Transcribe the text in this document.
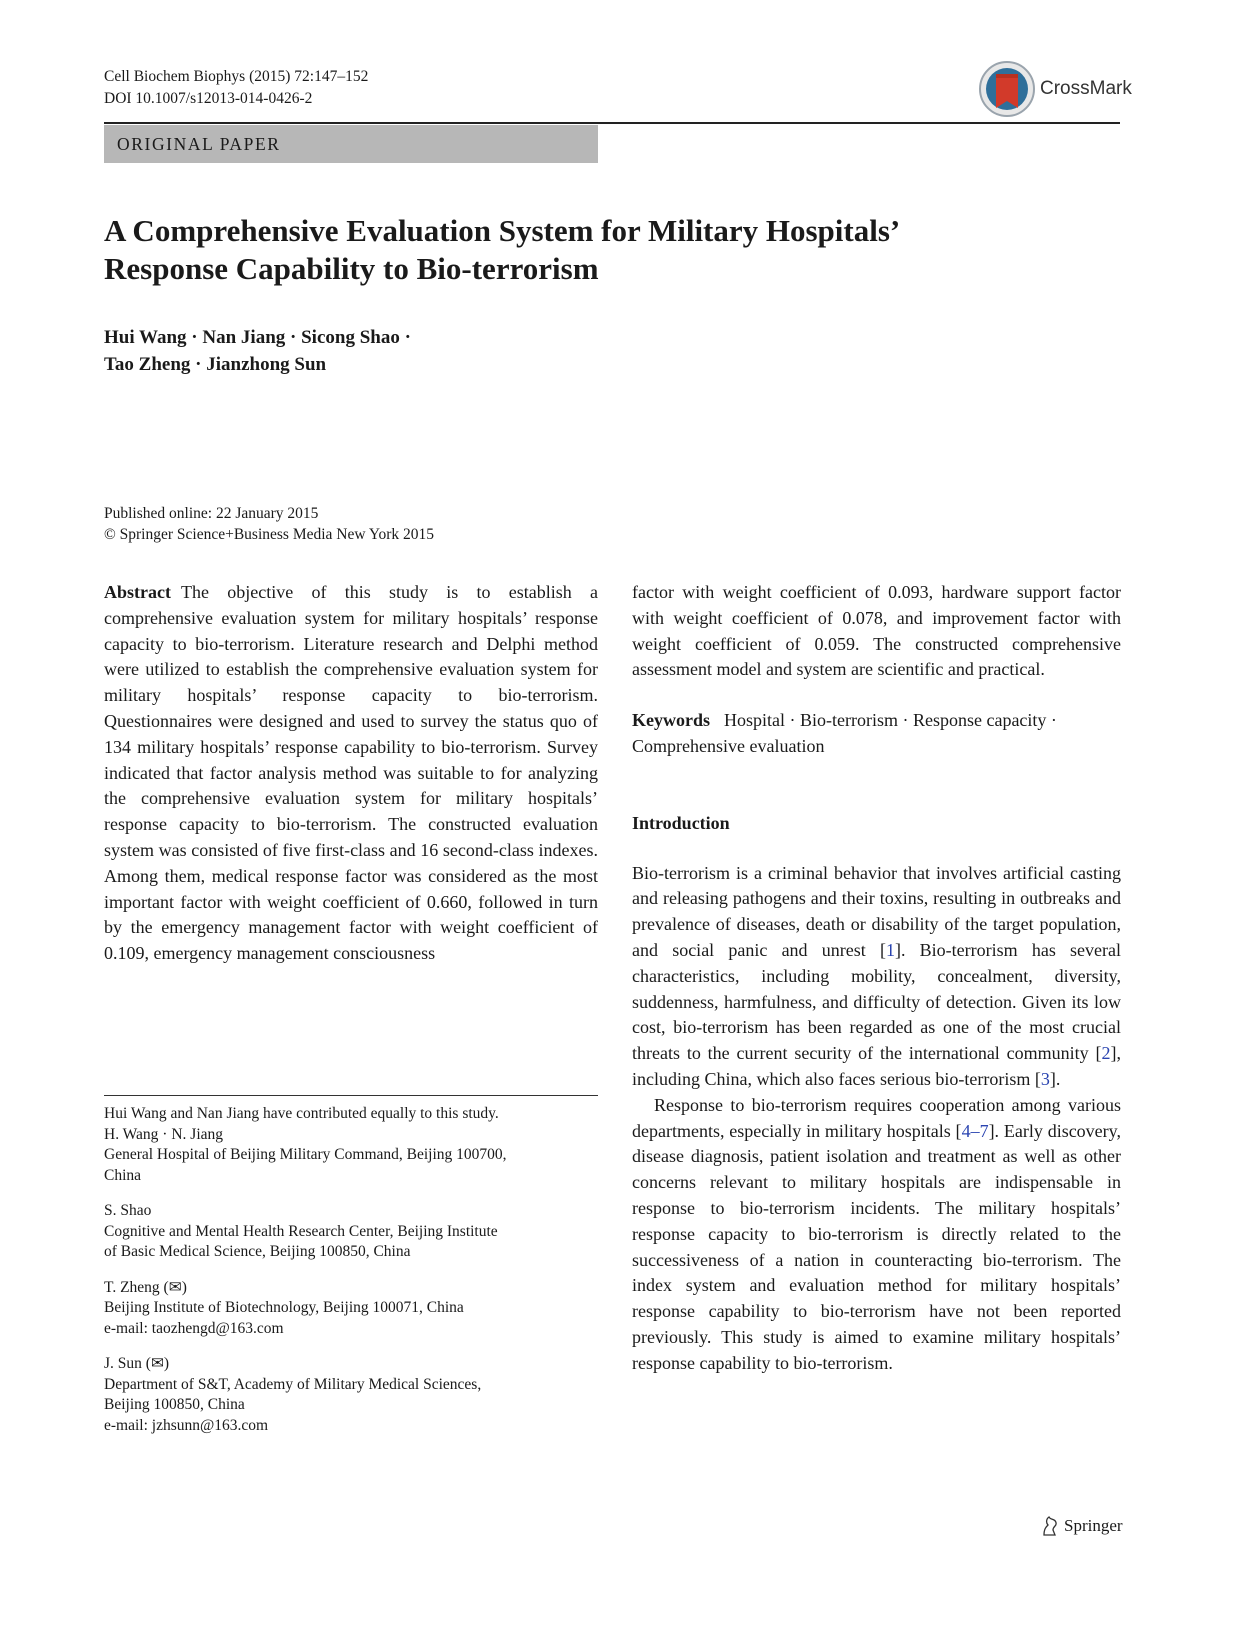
Cell Biochem Biophys (2015) 72:147–152
DOI 10.1007/s12013-014-0426-2	CrossMark
ORIGINAL PAPER
A Comprehensive Evaluation System for Military Hospitals’
Response Capability to Bio-terrorism
Hui Wang · Nan Jiang · Sicong Shao ·
Tao Zheng · Jianzhong Sun
Published online: 22 January 2015
© Springer Science+Business Media New York 2015

Abstract The objective of this study is to establish a comprehensive evaluation system for military hospitals’ response capacity to bio-terrorism. Literature research and Delphi method were utilized to establish the comprehensive evaluation system for military hospitals’ response capacity to bio-terrorism. Questionnaires were designed and used to survey the status quo of 134 military hospitals’ response capability to bio-terrorism. Survey indicated that factor analysis method was suitable to for analyzing the comprehensive evaluation system for military hospitals’ response capacity to bio-terrorism. The constructed evaluation system was consisted of five first-class and 16 second-class indexes. Among them, medical response factor was considered as the most important factor with weight coefficient of 0.660, followed in turn by the emergency management factor with weight coefficient of 0.109, emergency management consciousness

factor with weight coefficient of 0.093, hardware support factor with weight coefficient of 0.078, and improvement factor with weight coefficient of 0.059. The constructed comprehensive assessment model and system are scientific and practical.

Keywords Hospital · Bio-terrorism · Response capacity · Comprehensive evaluation

Introduction

Bio-terrorism is a criminal behavior that involves artificial casting and releasing pathogens and their toxins, resulting in outbreaks and prevalence of diseases, death or disability of the target population, and social panic and unrest [1]. Bio-terrorism has several characteristics, including mobility, concealment, diversity, suddenness, harmfulness, and difficulty of detection. Given its low cost, bio-terrorism has been regarded as one of the most crucial threats to the current security of the international community [2], including China, which also faces serious bio-terrorism [3].

Response to bio-terrorism requires cooperation among various departments, especially in military hospitals [4–7]. Early discovery, disease diagnosis, patient isolation and treatment as well as other concerns relevant to military hospitals are indispensable in response to bio-terrorism incidents. The military hospitals’ response capacity to bio-terrorism is directly related to the successiveness of a nation in counteracting bio-terrorism. The index system and evaluation method for military hospitals’ response capability to bio-terrorism have not been reported previously. This study is aimed to examine military hospitals’ response capability to bio-terrorism.

Hui Wang and Nan Jiang have contributed equally to this study.

H. Wang · N. Jiang

General Hospital of Beijing Military Command, Beijing 100700,

China

S. Shao

Cognitive and Mental Health Research Center, Beijing Institute

of Basic Medical Science, Beijing 100850, China

T. Zheng (✉)

Beijing Institute of Biotechnology, Beijing 100071, China

e-mail: taozhengd@163.com

J. Sun (✉)

Department of S&T, Academy of Military Medical Sciences,

Beijing 100850, China

e-mail: jzhsunn@163.com

Springer
